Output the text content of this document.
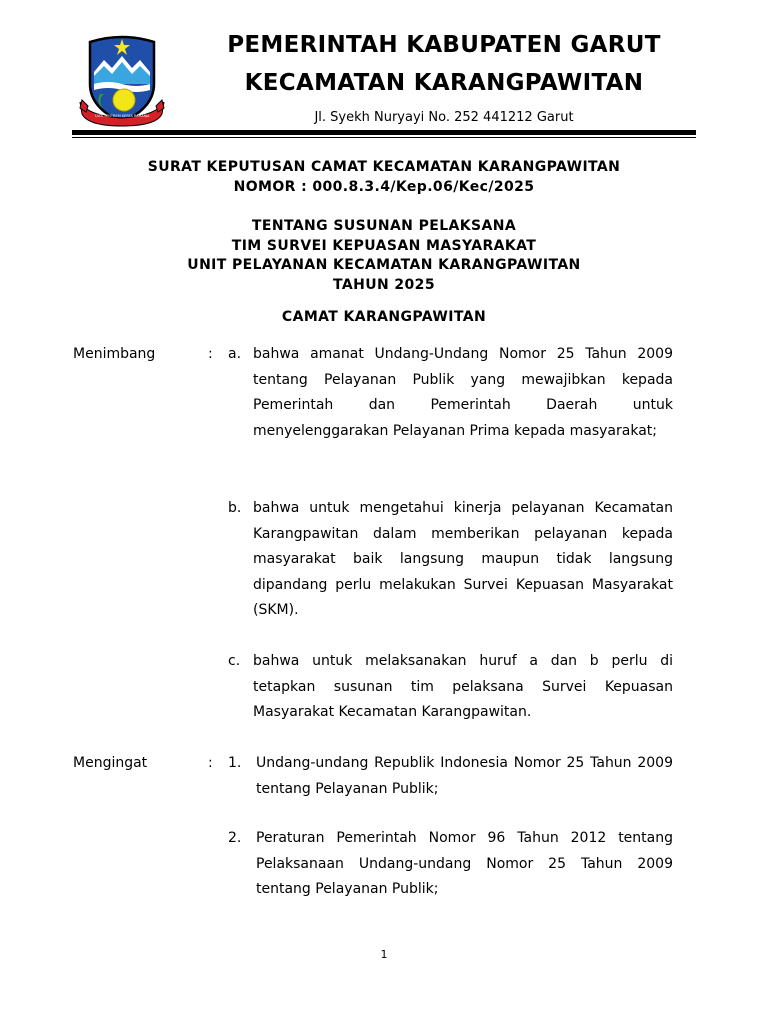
TATA TENTREM KERTA RAHARJA
PEMERINTAH KABUPATEN GARUT
KECAMATAN KARANGPAWITAN
Jl. Syekh Nuryayi No. 252 441212 Garut
SURAT KEPUTUSAN CAMAT KECAMATAN KARANGPAWITAN
NOMOR : 000.8.3.4/Kep.06/Kec/2025
TENTANG SUSUNAN PELAKSANA
TIM SURVEI KEPUASAN MASYARAKAT
UNIT PELAYANAN KECAMATAN KARANGPAWITAN
TAHUN 2025
CAMAT KARANGPAWITAN
Menimbang	: a. bahwa amanat Undang-Undang Nomor 25 Tahun 2009 tentang Pelayanan Publik yang mewajibkan kepada Pemerintah dan Pemerintah Daerah untuk menyelenggarakan Pelayanan Prima kepada masyarakat;
b. bahwa untuk mengetahui kinerja pelayanan Kecamatan Karangpawitan dalam memberikan pelayanan kepada masyarakat baik langsung maupun tidak langsung dipandang perlu melakukan Survei Kepuasan Masyarakat (SKM).
c. bahwa untuk melaksanakan huruf a dan b perlu di tetapkan susunan tim pelaksana Survei Kepuasan Masyarakat Kecamatan Karangpawitan.
Mengingat	: 1. Undang-undang Republik Indonesia Nomor 25 Tahun 2009 tentang Pelayanan Publik;
2. Peraturan Pemerintah Nomor 96 Tahun 2012 tentang Pelaksanaan Undang-undang Nomor 25 Tahun 2009 tentang Pelayanan Publik;
1
